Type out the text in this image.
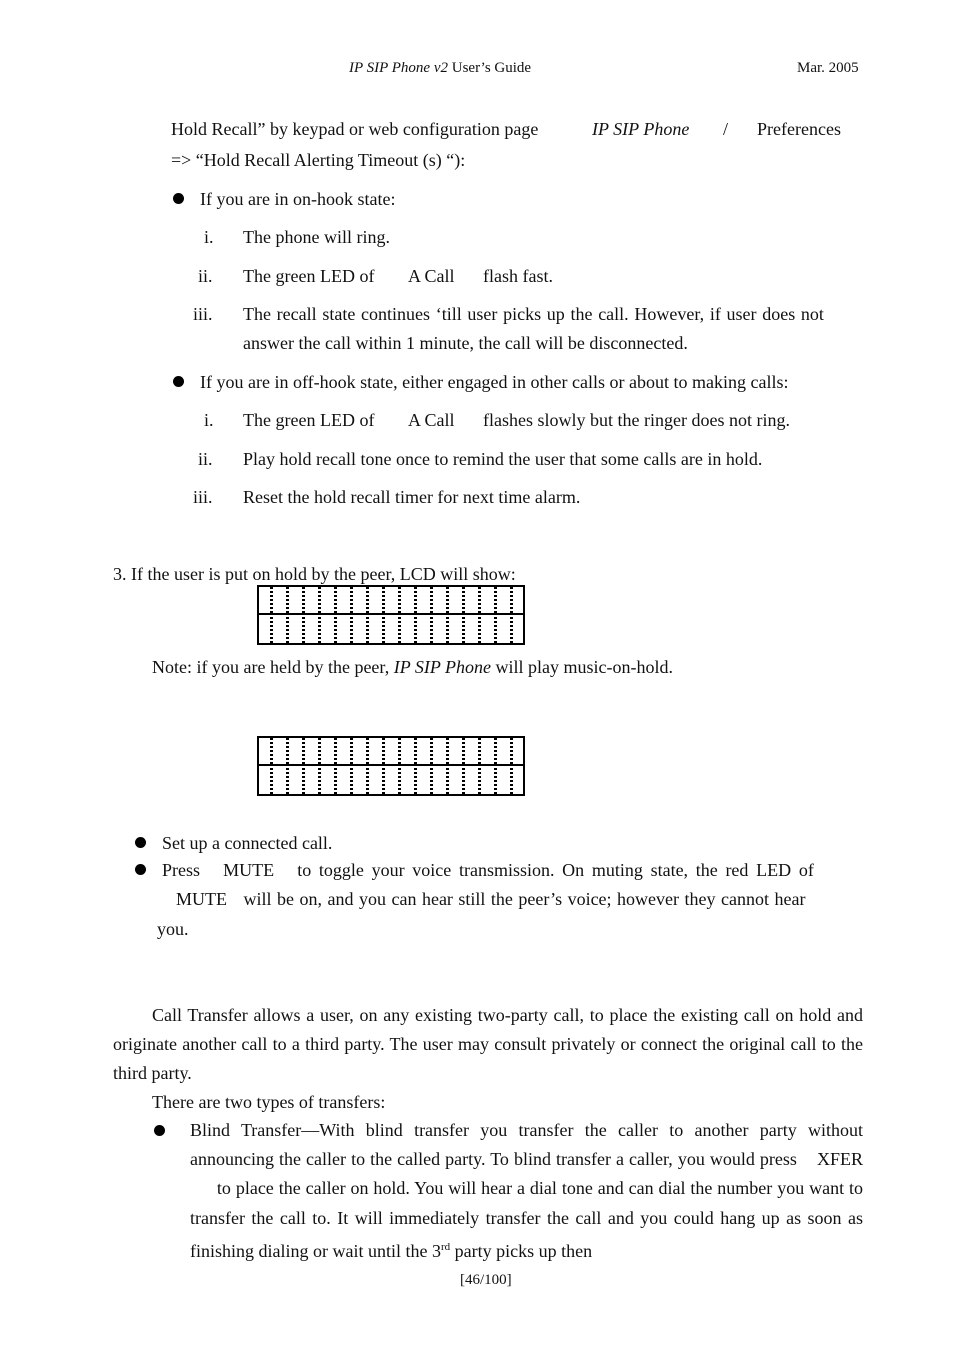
IP SIP Phone v2 User’s Guide	Mar. 2005
Hold Recall” by keypad or web configuration page	IP SIP Phone / Preferences
=> “Hold Recall Alerting Timeout (s) “):
If you are in on-hook state:
i. The phone will ring.
ii. The green LED of A Call flash fast.
iii. The recall state continues ‘till user picks up the call. However, if user does not
answer the call within 1 minute, the call will be disconnected.
If you are in off-hook state, either engaged in other calls or about to making calls:
i. The green LED of A Call flashes slowly but the ringer does not ring.
ii. Play hold recall tone once to remind the user that some calls are in hold.
iii. Reset the hold recall timer for next time alarm.
3. If the user is put on hold by the peer, LCD will show:
Note: if you are held by the peer, IP SIP Phone will play music-on-hold.
Set up a connected call.
Press   MUTE   to toggle your voice transmission. On muting state, the red LED of
MUTE   will be on, and you can hear still the peer’s voice; however they cannot hear
you.
Call Transfer allows a user, on any existing two-party call, to place the existing call on hold and originate another call to a third party. The user may consult privately or connect the original call to the third party.
There are two types of transfers:
Blind Transfer—With blind transfer you transfer the caller to another party without announcing the caller to the called party. To blind transfer a caller, you would press XFER to place the caller on hold. You will hear a dial tone and can dial the number you want to transfer the call to. It will immediately transfer the call and you could hang up as soon as finishing dialing or wait until the 3rd party picks up then
[46/100]
